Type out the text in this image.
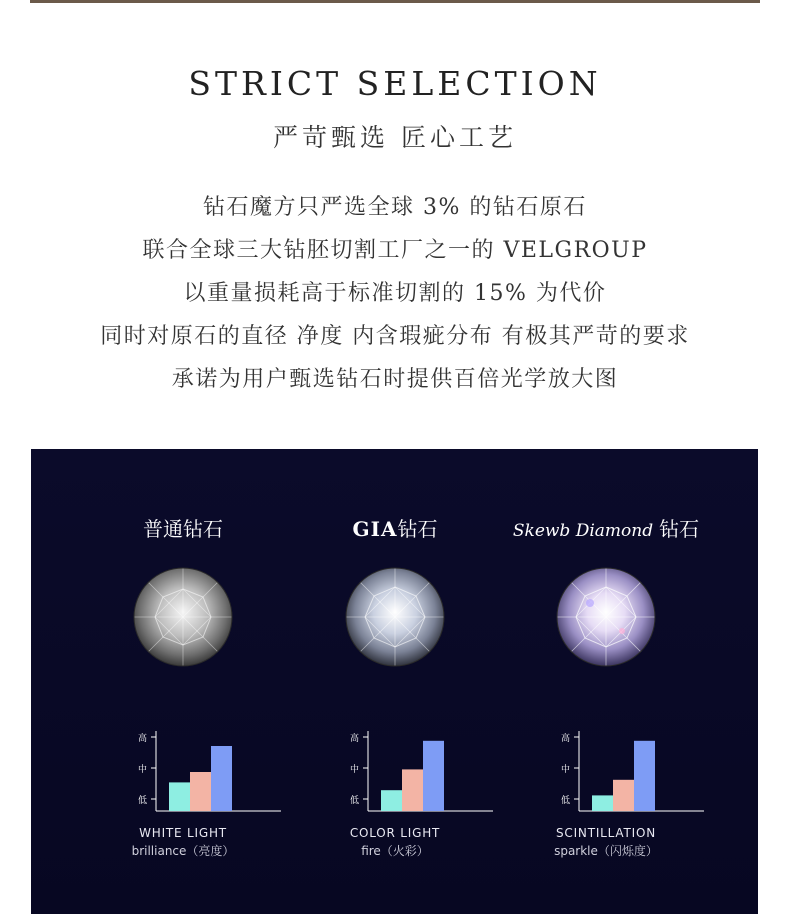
STRICT SELECTION
严苛甄选 匠心工艺
钻石魔方只严选全球 3% 的钻石原石
联合全球三大钻胚切割工厂之一的 VELGROUP
以重量损耗高于标准切割的 15% 为代价
同时对原石的直径 净度 内含瑕疵分布 有极其严苛的要求
承诺为用户甄选钻石时提供百倍光学放大图
普通钻石
高
中
低
WHITE LIGHT
brilliance（亮度）
GIA钻石
高
中
低
COLOR LIGHT
fire（火彩）
Skewb Diamond 钻石
高
中
低
SCINTILLATION
sparkle（闪烁度）
